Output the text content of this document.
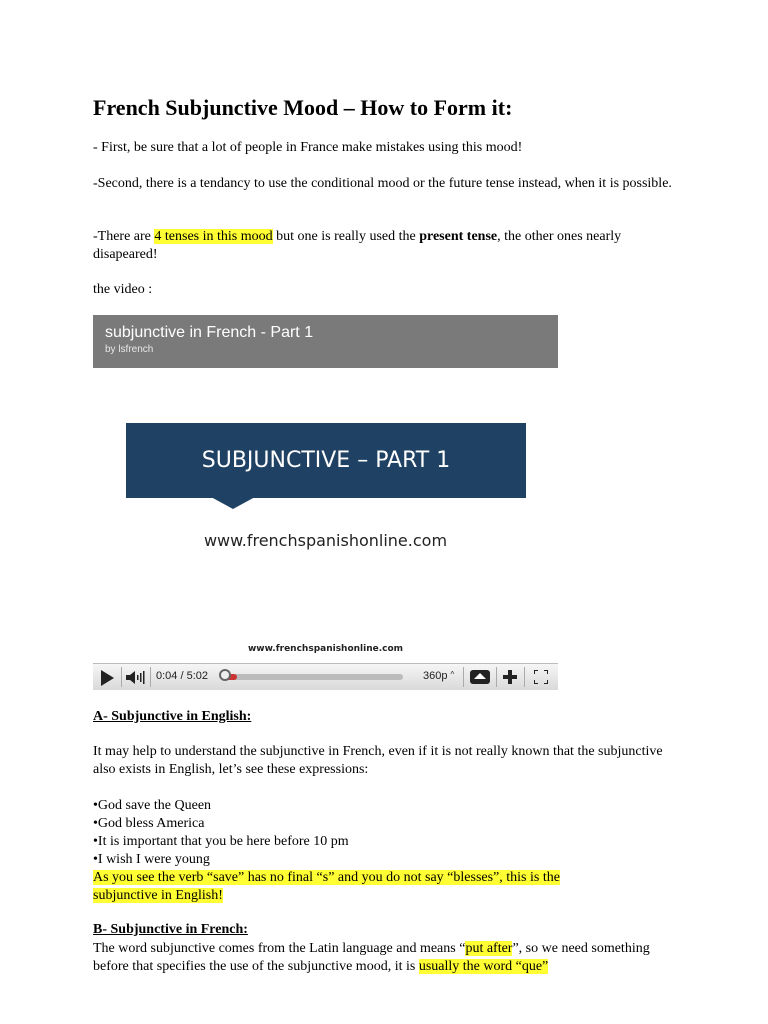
French Subjunctive Mood – How to Form it:
- First, be sure that a lot of people in France make mistakes using this mood!
-Second, there is a tendancy to use the conditional mood or the future tense instead, when it is possible.
-There are 4 tenses in this mood but one is really used the present tense, the other ones nearly disapeared!
the video :
subjunctive in French - Part 1
by lsfrench
SUBJUNCTIVE – PART 1
www.frenchspanishonline.com
www.frenchspanishonline.com
0:04 / 5:02	360p ^
A- Subjunctive in English:
It may help to understand the subjunctive in French, even if it is not really known that the subjunctive also exists in English, let’s see these expressions:
•God save the Queen
•God bless America
•It is important that you be here before 10 pm
•I wish I were young
As you see the verb “save” has no final “s” and you do not say “blesses”, this is the subjunctive in English!
B- Subjunctive in French:
The word subjunctive comes from the Latin language and means “put after”, so we need something before that specifies the use of the subjunctive mood, it is usually the word “que”
